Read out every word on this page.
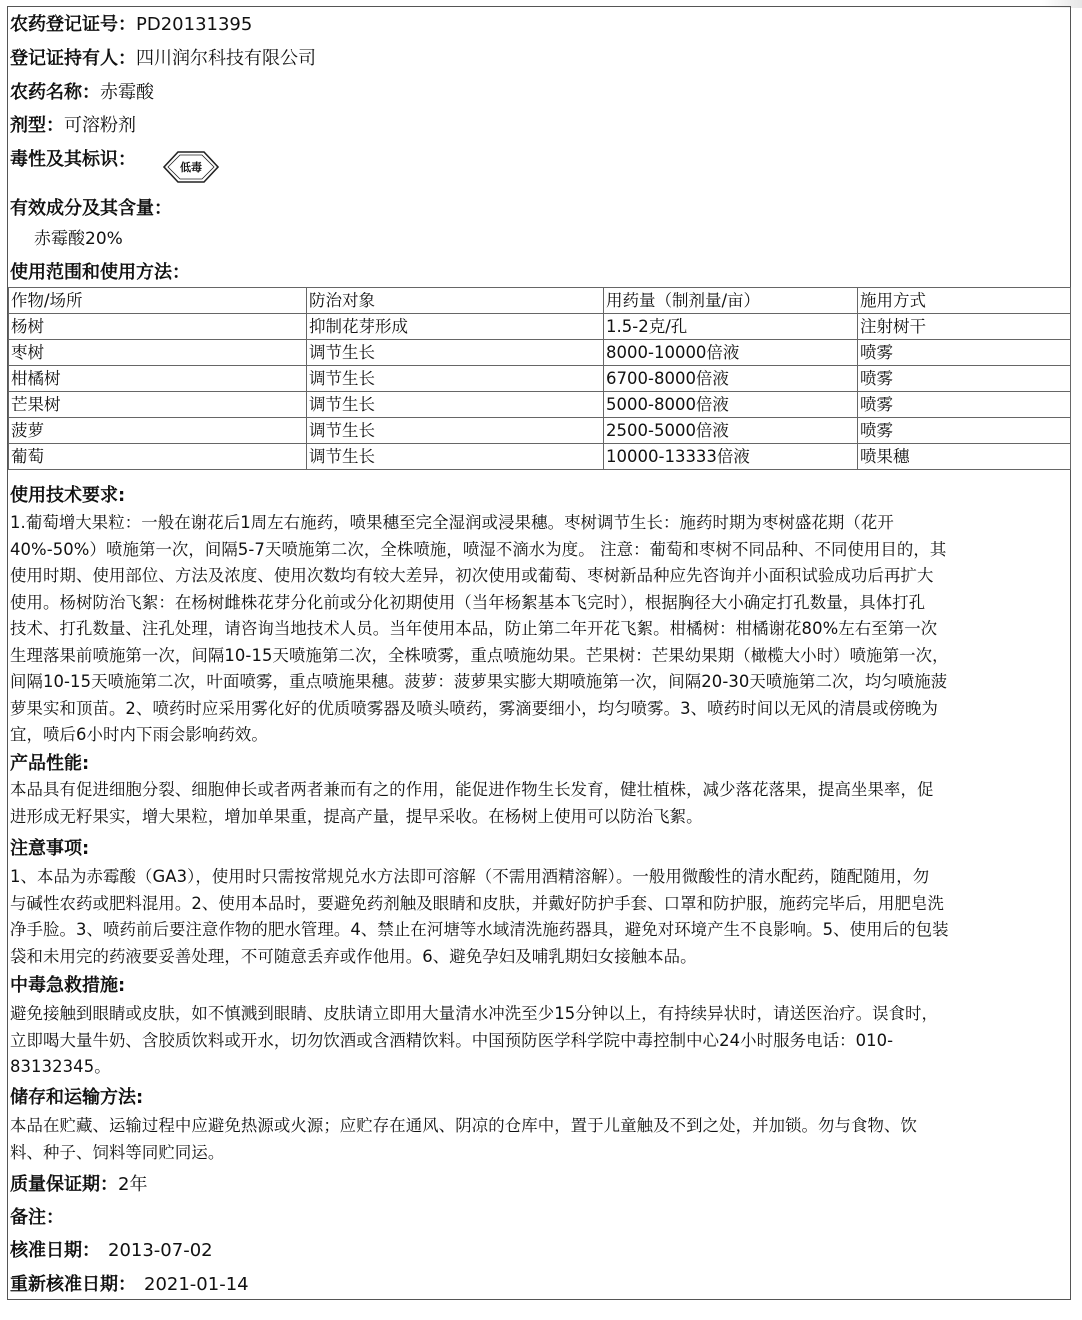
农药登记证号：PD20131395
登记证持有人：四川润尔科技有限公司
农药名称：赤霉酸
剂型：可溶粉剂
毒性及其标识：	低毒
有效成分及其含量：
赤霉酸20%
使用范围和使用方法：
作物/场所	防治对象	用药量（制剂量/亩）	施用方式
杨树	抑制花芽形成	1.5-2克/孔	注射树干
枣树	调节生长	8000-10000倍液	喷雾
柑橘树	调节生长	6700-8000倍液	喷雾
芒果树	调节生长	5000-8000倍液	喷雾
菠萝	调节生长	2500-5000倍液	喷雾
葡萄	调节生长	10000-13333倍液	喷果穗
使用技术要求:
1.葡萄增大果粒：一般在谢花后1周左右施药，喷果穗至完全湿润或浸果穗。枣树调节生长：施药时期为枣树盛花期（花开
40%-50%）喷施第一次，间隔5-7天喷施第二次，全株喷施，喷湿不滴水为度。 注意：葡萄和枣树不同品种、不同使用目的，其
使用时期、使用部位、方法及浓度、使用次数均有较大差异，初次使用或葡萄、枣树新品种应先咨询并小面积试验成功后再扩大
使用。杨树防治飞絮：在杨树雌株花芽分化前或分化初期使用（当年杨絮基本飞完时），根据胸径大小确定打孔数量，具体打孔
技术、打孔数量、注孔处理，请咨询当地技术人员。当年使用本品，防止第二年开花飞絮。柑橘树：柑橘谢花80%左右至第一次
生理落果前喷施第一次，间隔10-15天喷施第二次，全株喷雾，重点喷施幼果。芒果树：芒果幼果期（橄榄大小时）喷施第一次，
间隔10-15天喷施第二次，叶面喷雾，重点喷施果穗。菠萝：菠萝果实膨大期喷施第一次，间隔20-30天喷施第二次，均匀喷施菠
萝果实和顶苗。2、喷药时应采用雾化好的优质喷雾器及喷头喷药，雾滴要细小，均匀喷雾。3、喷药时间以无风的清晨或傍晚为
宜，喷后6小时内下雨会影响药效。
产品性能:
本品具有促进细胞分裂、细胞伸长或者两者兼而有之的作用，能促进作物生长发育，健壮植株，减少落花落果，提高坐果率，促
进形成无籽果实，增大果粒，增加单果重，提高产量，提早采收。在杨树上使用可以防治飞絮。
注意事项:
1、本品为赤霉酸（GA3），使用时只需按常规兑水方法即可溶解（不需用酒精溶解）。一般用微酸性的清水配药，随配随用，勿
与碱性农药或肥料混用。2、使用本品时，要避免药剂触及眼睛和皮肤，并戴好防护手套、口罩和防护服，施药完毕后，用肥皂洗
净手脸。3、喷药前后要注意作物的肥水管理。4、禁止在河塘等水域清洗施药器具，避免对环境产生不良影响。5、使用后的包装
袋和未用完的药液要妥善处理，不可随意丢弃或作他用。6、避免孕妇及哺乳期妇女接触本品。
中毒急救措施:
避免接触到眼睛或皮肤，如不慎溅到眼睛、皮肤请立即用大量清水冲洗至少15分钟以上，有持续异状时，请送医治疗。误食时，
立即喝大量牛奶、含胶质饮料或开水，切勿饮酒或含酒精饮料。中国预防医学科学院中毒控制中心24小时服务电话：010-
83132345。
储存和运输方法:
本品在贮藏、运输过程中应避免热源或火源；应贮存在通风、阴凉的仓库中，置于儿童触及不到之处，并加锁。勿与食物、饮
料、种子、饲料等同贮同运。
质量保证期：2年
备注：
核准日期： 2013-07-02
重新核准日期： 2021-01-14
